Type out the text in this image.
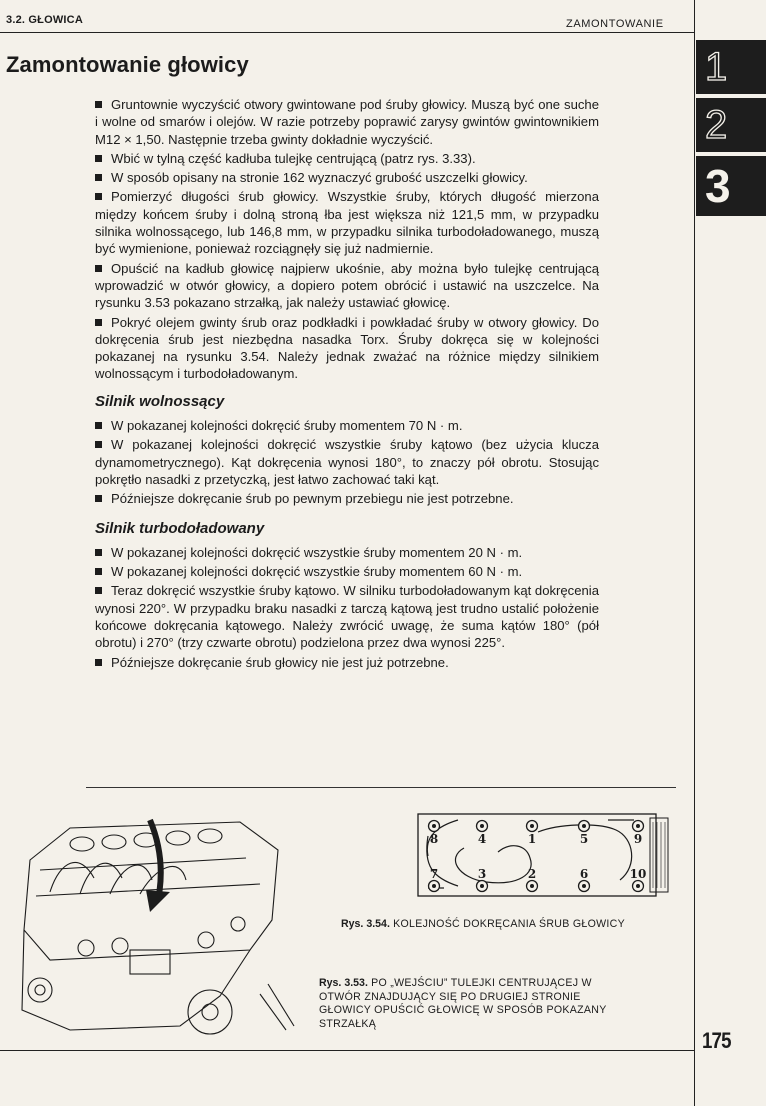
3.2. GŁOWICA	ZAMONTOWANIE
1
2
3
Zamontowanie głowicy

Gruntownie wyczyścić otwory gwintowane pod śruby głowicy. Muszą być one suche i wolne od smarów i olejów. W razie potrzeby poprawić zarysy gwintów gwintownikiem M12 × 1,50. Następnie trzeba gwinty dokładnie wyczyścić.

Wbić w tylną część kadłuba tulejkę centrującą (patrz rys. 3.33).

W sposób opisany na stronie 162 wyznaczyć grubość uszczelki głowicy.

Pomierzyć długości śrub głowicy. Wszystkie śruby, których długość mierzona między końcem śruby i dolną stroną łba jest większa niż 121,5 mm, w przypadku silnika wolnossącego, lub 146,8 mm, w przypadku silnika turbodoładowanego, muszą być wymienione, ponieważ rozciągnęły się już nadmiernie.

Opuścić na kadłub głowicę najpierw ukośnie, aby można było tulejkę centrującą wprowadzić w otwór głowicy, a dopiero potem obrócić i ustawić na uszczelce. Na rysunku 3.53 pokazano strzałką, jak należy ustawiać głowicę.

Pokryć olejem gwinty śrub oraz podkładki i powkładać śruby w otwory głowicy. Do dokręcenia śrub jest niezbędna nasadka Torx. Śruby dokręca się w kolejności pokazanej na rysunku 3.54. Należy jednak zważać na różnice między silnikiem wolnossącym i turbodoładowanym.

Silnik wolnossący

W pokazanej kolejności dokręcić śruby momentem 70 N · m.

W pokazanej kolejności dokręcić wszystkie śruby kątowo (bez użycia klucza dynamometrycznego). Kąt dokręcenia wynosi 180°, to znaczy pół obrotu. Stosując pokrętło nasadki z przetyczką, jest łatwo zachować taki kąt.

Późniejsze dokręcanie śrub po pewnym przebiegu nie jest potrzebne.

Silnik turbodoładowany

W pokazanej kolejności dokręcić wszystkie śruby momentem 20 N · m.

W pokazanej kolejności dokręcić wszystkie śruby momentem 60 N · m.

Teraz dokręcić wszystkie śruby kątowo. W silniku turbodoładowanym kąt dokręcenia wynosi 220°. W przypadku braku nasadki z tarczą kątową jest trudno ustalić położenie końcowe dokręcania kątowego. Należy zwrócić uwagę, że suma kątów 180° (pół obrotu) i 270° (trzy czwarte obrotu) podzielona przez dwa wynosi 225°.

Późniejsze dokręcanie śrub głowicy nie jest już potrzebne.

8	4	1	5	9
7	3	2	6	10
Rys. 3.54. KOLEJNOŚĆ DOKRĘCANIA ŚRUB GŁOWICY
Rys. 3.53. PO „WEJŚCIU” TULEJKI CENTRUJĄCEJ W OTWÓR ZNAJDUJĄCY SIĘ PO DRUGIEJ STRONIE GŁOWICY OPUŚCIĆ GŁOWICĘ W SPOSÓB POKAZANY STRZAŁKĄ
175
